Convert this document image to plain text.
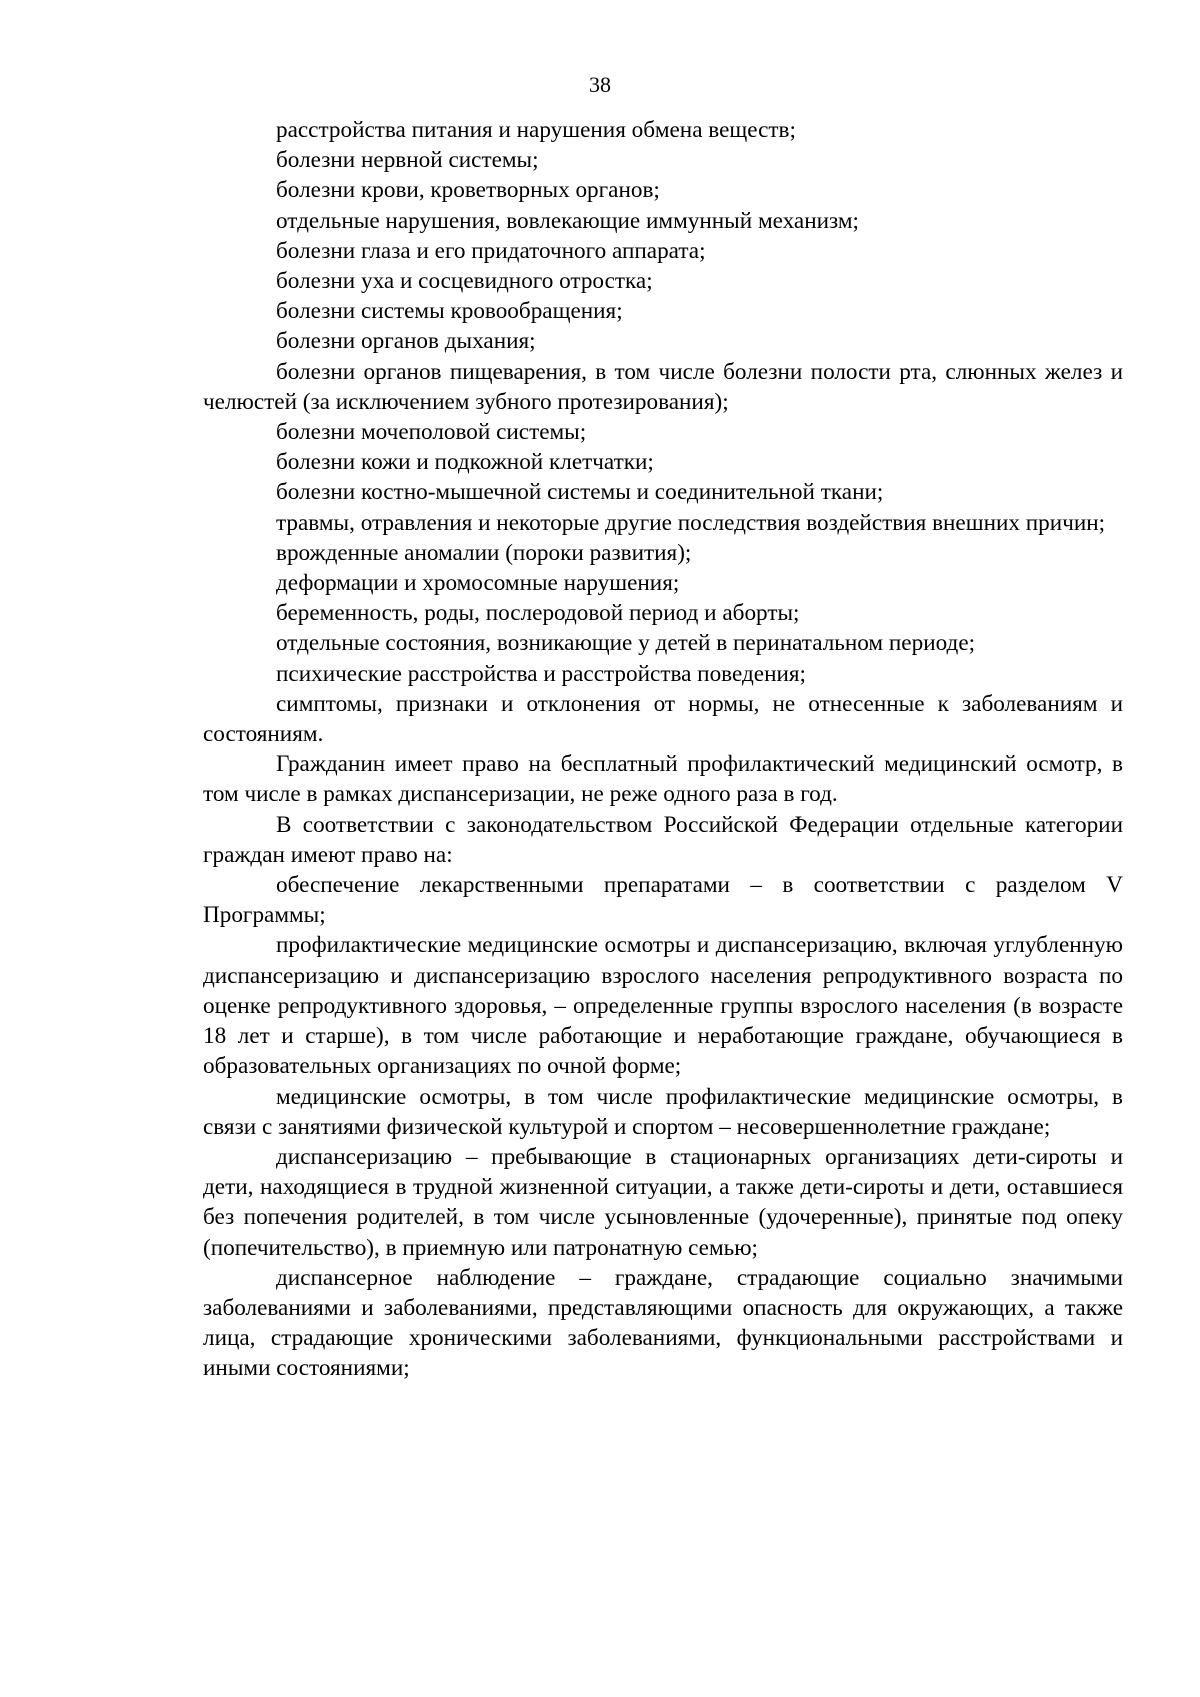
38

расстройства питания и нарушения обмена веществ;

болезни нервной системы;

болезни крови, кроветворных органов;

отдельные нарушения, вовлекающие иммунный механизм;

болезни глаза и его придаточного аппарата;

болезни уха и сосцевидного отростка;

болезни системы кровообращения;

болезни органов дыхания;

болезни органов пищеварения, в том числе болезни полости рта, слюнных желез и челюстей (за исключением зубного протезирования);

болезни мочеполовой системы;

болезни кожи и подкожной клетчатки;

болезни костно-мышечной системы и соединительной ткани;

травмы, отравления и некоторые другие последствия воздействия внешних причин;

врожденные аномалии (пороки развития);

деформации и хромосомные нарушения;

беременность, роды, послеродовой период и аборты;

отдельные состояния, возникающие у детей в перинатальном периоде;

психические расстройства и расстройства поведения;

симптомы, признаки и отклонения от нормы, не отнесенные к заболеваниям и состояниям.

Гражданин имеет право на бесплатный профилактический медицинский осмотр, в том числе в рамках диспансеризации, не реже одного раза в год.

В соответствии с законодательством Российской Федерации отдельные категории граждан имеют право на:

обеспечение лекарственными препаратами – в соответствии с разделом V Программы;

профилактические медицинские осмотры и диспансеризацию, включая углубленную диспансеризацию и диспансеризацию взрослого населения репродуктивного возраста по оценке репродуктивного здоровья, – определенные группы взрослого населения (в возрасте 18 лет и старше), в том числе работающие и неработающие граждане, обучающиеся в образовательных организациях по очной форме;

медицинские осмотры, в том числе профилактические медицинские осмотры, в связи с занятиями физической культурой и спортом – несовершеннолетние граждане;

диспансеризацию – пребывающие в стационарных организациях дети-сироты и дети, находящиеся в трудной жизненной ситуации, а также дети-сироты и дети, оставшиеся без попечения родителей, в том числе усыновленные (удочеренные), принятые под опеку (попечительство), в приемную или патронатную семью;

диспансерное наблюдение – граждане, страдающие социально значимыми заболеваниями и заболеваниями, представляющими опасность для окружающих, а также лица, страдающие хроническими заболеваниями, функциональными расстройствами и иными состояниями;
